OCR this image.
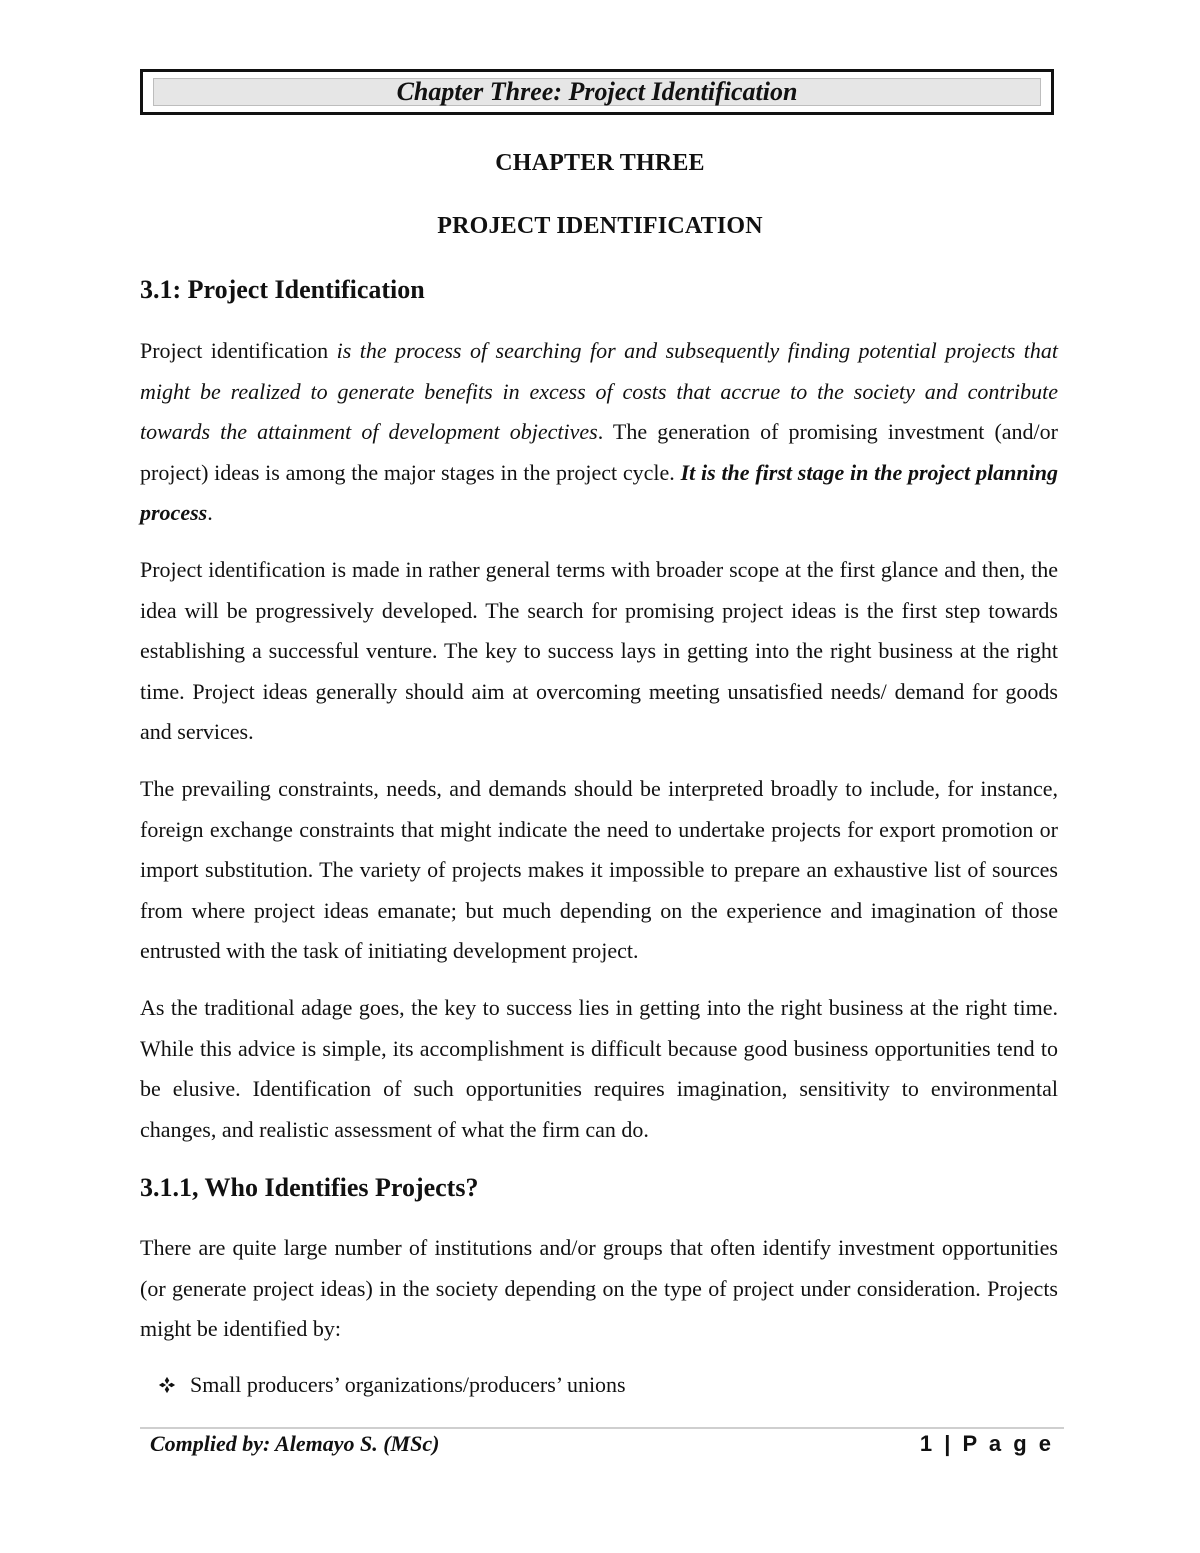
Chapter Three: Project Identification
CHAPTER THREE
PROJECT IDENTIFICATION
3.1: Project Identification

Project identification is the process of searching for and subsequently finding potential projects that might be realized to generate benefits in excess of costs that accrue to the society and contribute towards the attainment of development objectives. The generation of promising investment (and/or project) ideas is among the major stages in the project cycle. It is the first stage in the project planning process.

Project identification is made in rather general terms with broader scope at the first glance and then, the idea will be progressively developed. The search for promising project ideas is the first step towards establishing a successful venture. The key to success lays in getting into the right business at the right time. Project ideas generally should aim at overcoming meeting unsatisfied needs/ demand for goods and services.

The prevailing constraints, needs, and demands should be interpreted broadly to include, for instance, foreign exchange constraints that might indicate the need to undertake projects for export promotion or import substitution. The variety of projects makes it impossible to prepare an exhaustive list of sources from where project ideas emanate; but much depending on the experience and imagination of those entrusted with the task of initiating development project.

As the traditional adage goes, the key to success lies in getting into the right business at the right time. While this advice is simple, its accomplishment is difficult because good business opportunities tend to be elusive. Identification of such opportunities requires imagination, sensitivity to environmental changes, and realistic assessment of what the firm can do.

3.1.1, Who Identifies Projects?

There are quite large number of institutions and/or groups that often identify investment opportunities (or generate project ideas) in the society depending on the type of project under consideration. Projects might be identified by:

Small producers’ organizations/producers’ unions
Complied by: Alemayo S. (MSc)	1 | P a g e
